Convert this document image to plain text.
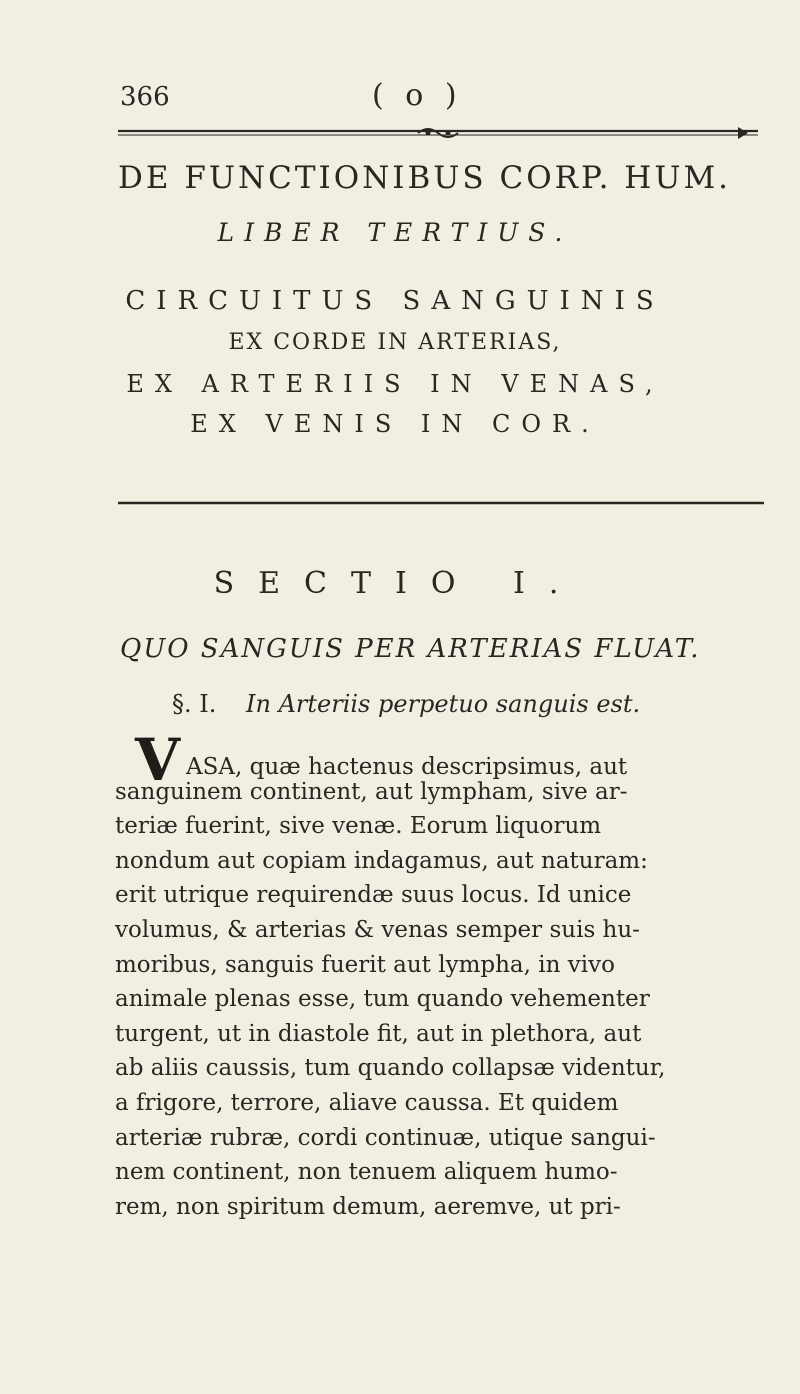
366	( o )
DE FUNCTIONIBUS CORP. HUM.
LIBER TERTIUS.
CIRCUITUS SANGUINIS
EX CORDE IN ARTERIAS,
EX ARTERIIS IN VENAS,
EX VENIS IN COR.
SECTIO I.
QUO SANGUIS PER ARTERIAS FLUAT.
§. I. In Arteriis perpetuo sanguis est.
VASA, quæ hactenus descripsimus, aut
sanguinem continent, aut lympham, sive ar-
teriæ fuerint, sive venæ. Eorum liquorum
nondum aut copiam indagamus, aut naturam:
erit utrique requirendæ suus locus. Id unice
volumus, & arterias & venas semper suis hu-
moribus, sanguis fuerit aut lympha, in vivo
animale plenas esse, tum quando vehementer
turgent, ut in diastole fit, aut in plethora, aut
ab aliis caussis, tum quando collapsæ videntur,
a frigore, terrore, aliave caussa. Et quidem
arteriæ rubræ, cordi continuæ, utique sangui-
nem continent, non tenuem aliquem humo-
rem, non spiritum demum, aeremve, ut pri-
